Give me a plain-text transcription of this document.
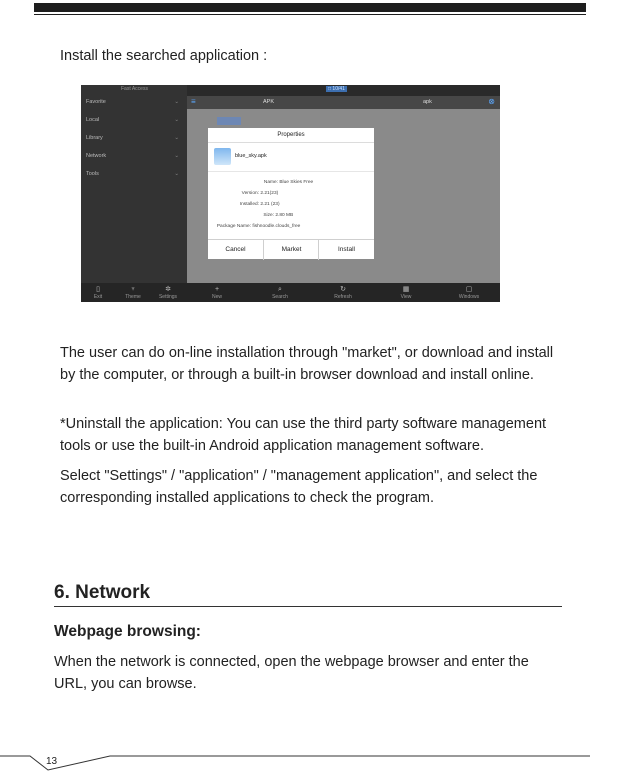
Install the searched application :

Fast Access
Favorite	⌄
Local	⌄
Library	⌄
Network	⌄
Tools	⌄
□ 10/41
≡	APK	apk	⊗
Properties
blue_sky.apk
Name: Blue Skies Free
Version: 2.21(23)
Installed: 2.21 (23)
Size: 2.80 MB
Package Name: fishnoodle.clouds_free
Cancel	Market	Install
▯
Exit
♆
Theme
✲
Settings
+
New
⌕
Search
↻
Refresh
▦
View
▢
Windows

The user can do on-line installation through "market", or download and install by the computer, or through a built-in browser download and install online.

*Uninstall the application: You can use the third party software management tools or use the built-in Android application management software.

Select "Settings" / "application" / "management application", and select the corresponding installed applications to check the program.

6. Network
Webpage browsing:

When the network is connected, open the webpage browser and enter the URL, you can browse.

13
